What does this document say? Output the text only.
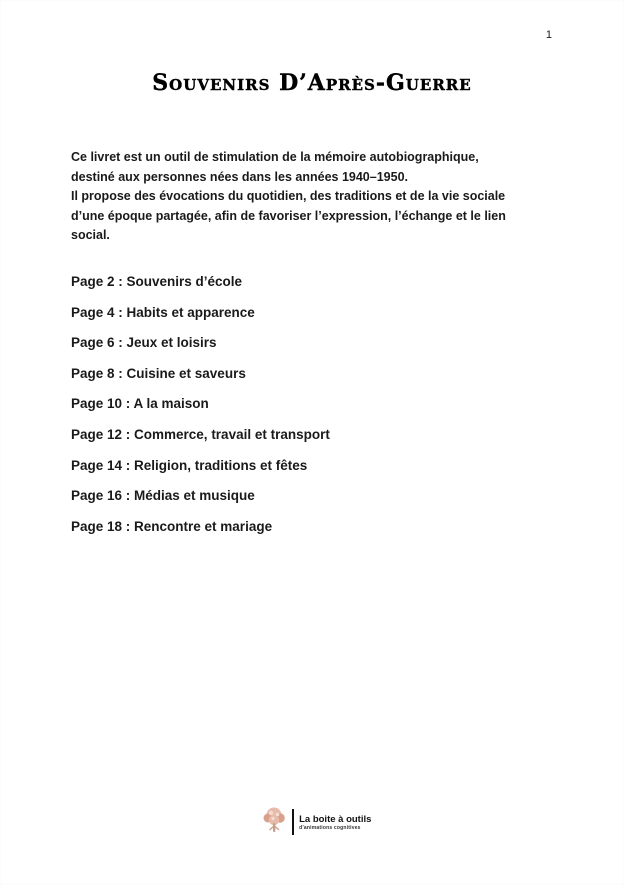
1
Souvenirs D’Après-Guerre
Ce livret est un outil de stimulation de la mémoire autobiographique,
destiné aux personnes nées dans les années 1940–1950.
Il propose des évocations du quotidien, des traditions et de la vie sociale
d’une époque partagée, afin de favoriser l’expression, l’échange et le lien
social.
Page 2 : Souvenirs d’école
Page 4 : Habits et apparence
Page 6 : Jeux et loisirs
Page 8 : Cuisine et saveurs
Page 10 : A la maison
Page 12 : Commerce, travail et transport
Page 14 : Religion, traditions et fêtes
Page 16 : Médias et musique
Page 18 : Rencontre et mariage
La boite à outils
d’animations cognitives
